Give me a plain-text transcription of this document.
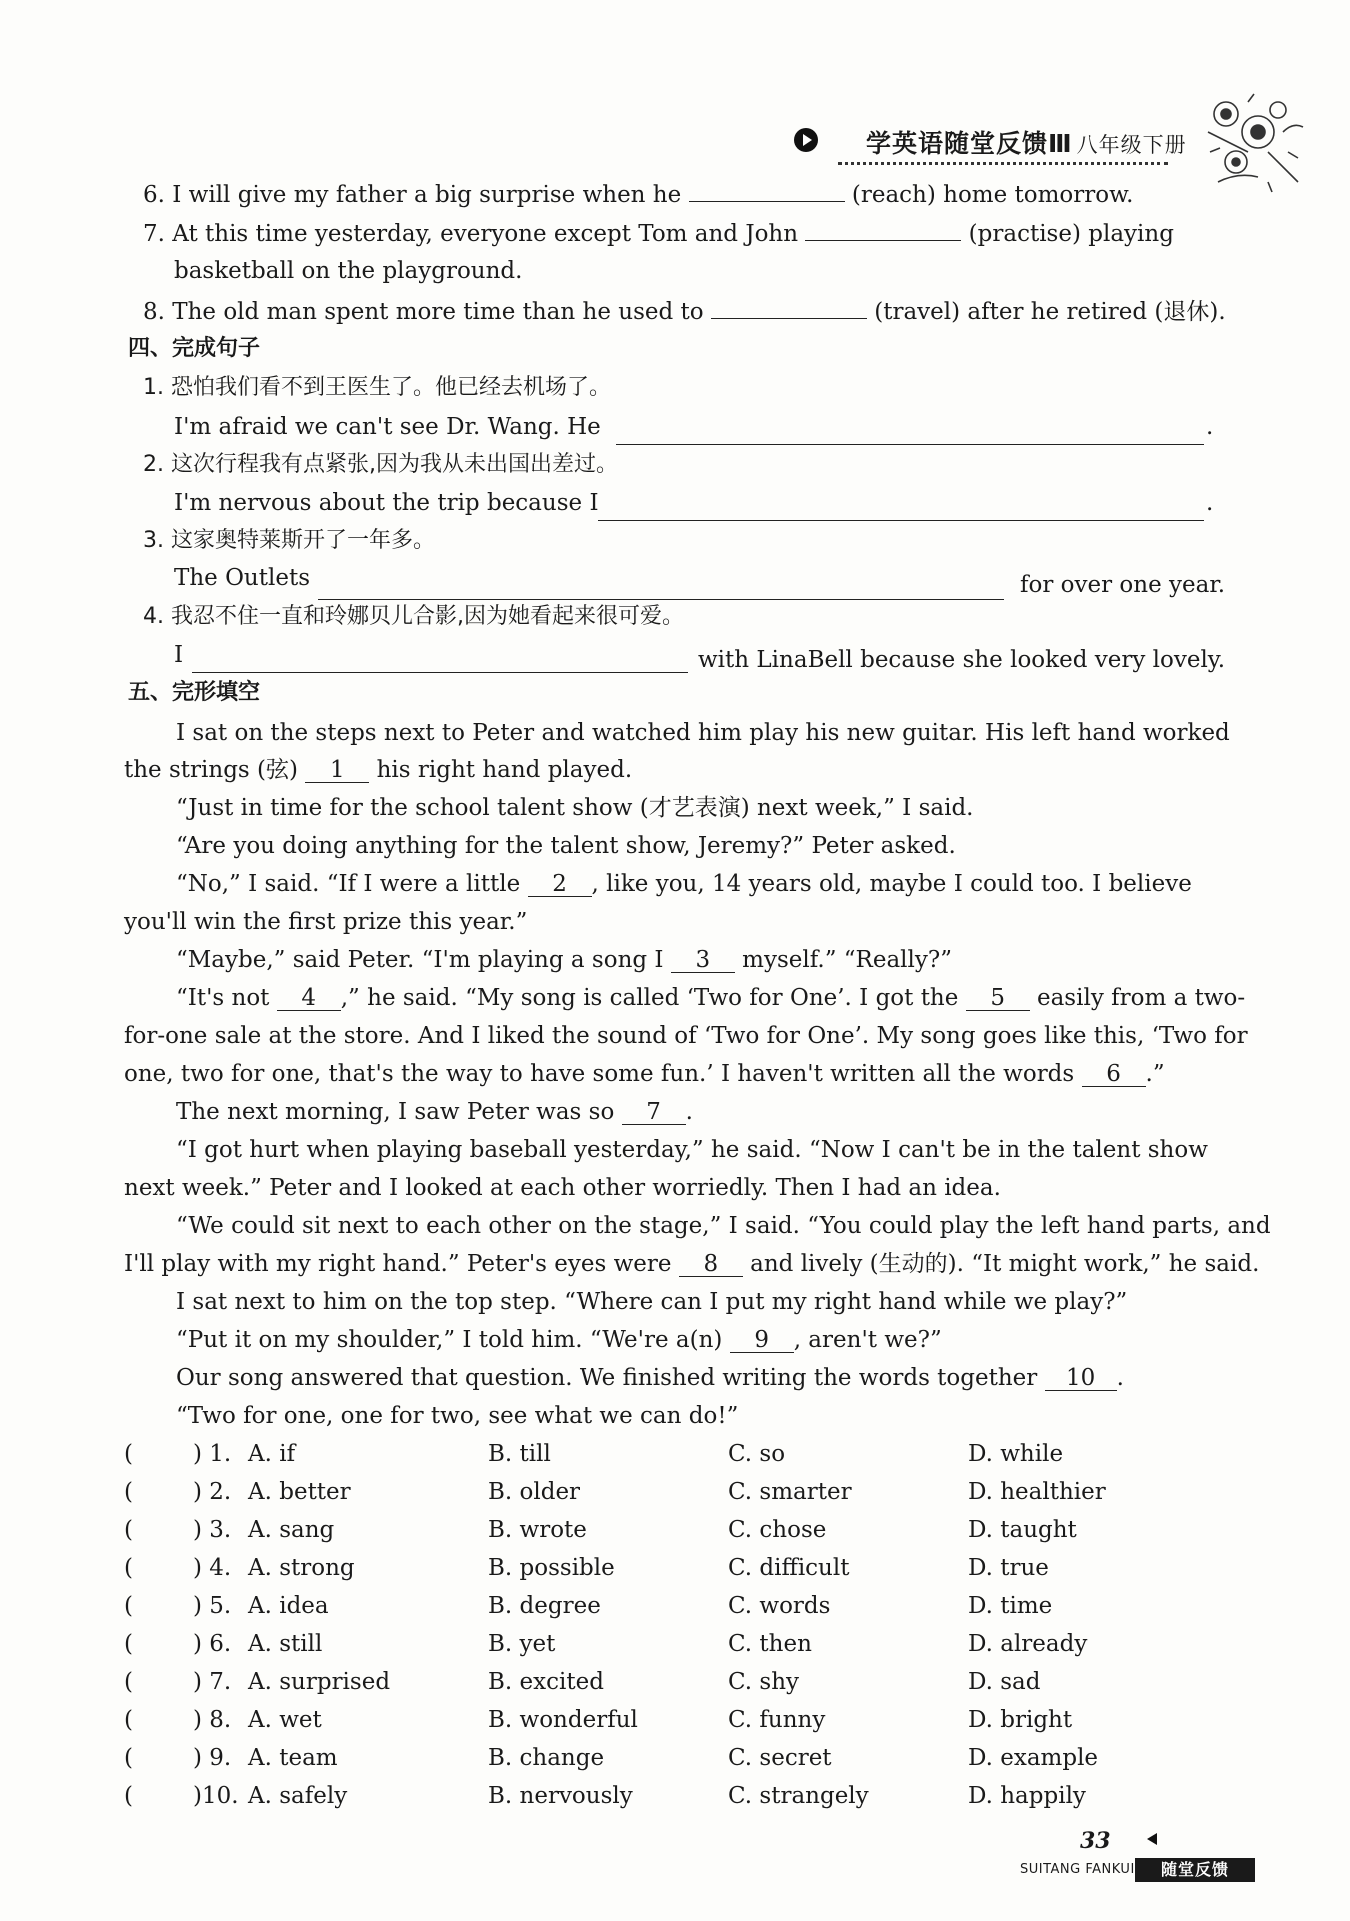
学英语随堂反馈Ⅲ 八年级下册
6. I will give my father a big surprise when he	(reach) home tomorrow.
7. At this time yesterday, everyone except Tom and John	(practise) playing
basketball on the playground.
8. The old man spent more time than he used to	(travel) after he retired (退休).
四、完成句子
1. 恐怕我们看不到王医生了。他已经去机场了。
I'm afraid we can't see Dr. Wang. He	.
2. 这次行程我有点紧张,因为我从未出国出差过。
I'm nervous about the trip because I	.
3. 这家奥特莱斯开了一年多。
The Outlets	for over one year.
4. 我忍不住一直和玲娜贝儿合影,因为她看起来很可爱。
I	with LinaBell because she looked very lovely.
五、完形填空
I sat on the steps next to Peter and watched him play his new guitar. His left hand worked
the strings (弦) 1 his right hand played.
“Just in time for the school talent show (才艺表演) next week,” I said.
“Are you doing anything for the talent show, Jeremy?” Peter asked.
“No,” I said. “If I were a little 2 , like you, 14 years old, maybe I could too. I believe
you'll win the first prize this year.”
“Maybe,” said Peter. “I'm playing a song I 3 myself.” “Really?”
“It's not 4 ,” he said. “My song is called ‘Two for One’. I got the 5 easily from a two-
for-one sale at the store. And I liked the sound of ‘Two for One’. My song goes like this, ‘Two for
one, two for one, that's the way to have some fun.’ I haven't written all the words 6 .”
The next morning, I saw Peter was so 7 .
“I got hurt when playing baseball yesterday,” he said. “Now I can't be in the talent show
next week.” Peter and I looked at each other worriedly. Then I had an idea.
“We could sit next to each other on the stage,” I said. “You could play the left hand parts, and
I'll play with my right hand.” Peter's eyes were 8 and lively (生动的). “It might work,” he said.
I sat next to him on the top step. “Where can I put my right hand while we play?”
“Put it on my shoulder,” I told him. “We're a(n) 9 , aren't we?”
Our song answered that question. We finished writing the words together 10 .
“Two for one, one for two, see what we can do!”
(	) 1. A. if	B. till	C. so	D. while
(	) 2. A. better	B. older	C. smarter	D. healthier
(	) 3. A. sang	B. wrote	C. chose	D. taught
(	) 4. A. strong	B. possible	C. difficult	D. true
(	) 5. A. idea	B. degree	C. words	D. time
(	) 6. A. still	B. yet	C. then	D. already
(	) 7. A. surprised	B. excited	C. shy	D. sad
(	) 8. A. wet	B. wonderful	C. funny	D. bright
(	) 9. A. team	B. change	C. secret	D. example
(	)10. A. safely	B. nervously	C. strangely	D. happily
33
SUITANG FANKUI	随堂反馈
